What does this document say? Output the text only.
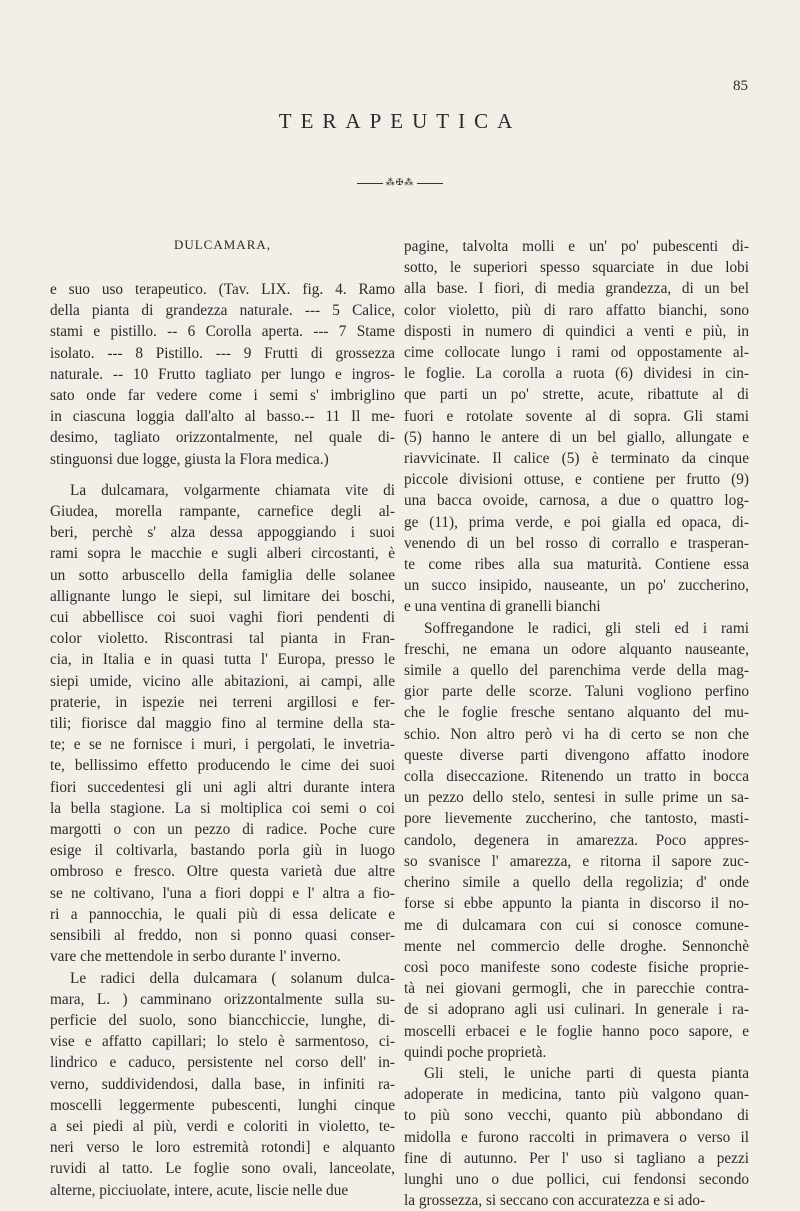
85
TERAPEUTICA
⁂✠⁂
DULCAMARA,

e suo uso terapeutico. (Tav. LIX. fig. 4. Ramo
della pianta di grandezza naturale. --- 5 Calice,
stami e pistillo. -- 6 Corolla aperta. --- 7 Stame
isolato. --- 8 Pistillo. --- 9 Frutti di grossezza
naturale. -- 10 Frutto tagliato per lungo e ingros-
sato onde far vedere come i semi s' imbriglino
in ciascuna loggia dall'alto al basso.-- 11 Il me-
desimo, tagliato orizzontalmente, nel quale di-
stinguonsi due logge, giusta la Flora medica.)

La dulcamara, volgarmente chiamata vite di
Giudea, morella rampante, carnefice degli al-
beri, perchè s' alza dessa appoggiando i suoi
rami sopra le macchie e sugli alberi circostanti, è
un sotto arbuscello della famiglia delle solanee
allignante lungo le siepi, sul limitare dei boschi,
cui abbellisce coi suoi vaghi fiori pendenti di
color violetto. Riscontrasi tal pianta in Fran-
cia, in Italia e in quasi tutta l' Europa, presso le
siepi umide, vicino alle abitazioni, ai campi, alle
praterie, in ispezie nei terreni argillosi e fer-
tili; fiorisce dal maggio fino al termine della sta-
te; e se ne fornisce i muri, i pergolati, le invetria-
te, bellissimo effetto producendo le cime dei suoi
fiori succedentesi gli uni agli altri durante intera
la bella stagione. La si moltiplica coi semi o coi
margotti o con un pezzo di radice. Poche cure
esige il coltivarla, bastando porla giù in luogo
ombroso e fresco. Oltre questa varietà due altre
se ne coltivano, l'una a fiori doppi e l' altra a fio-
ri a pannocchia, le quali più di essa delicate e
sensibili al freddo, non si ponno quasi conser-
vare che mettendole in serbo durante l' inverno.

Le radici della dulcamara ( solanum dulca-
mara, L. ) camminano orizzontalmente sulla su-
perficie del suolo, sono biancchiccie, lunghe, di-
vise e affatto capillari; lo stelo è sarmentoso, ci-
lindrico e caduco, persistente nel corso dell' in-
verno, suddividendosi, dalla base, in infiniti ra-
moscelli leggermente pubescenti, lunghi cinque
a sei piedi al più, verdi e coloriti in violetto, te-
neri verso le loro estremità rotondi] e alquanto
ruvidi al tatto. Le foglie sono ovali, lanceolate,
alterne, picciuolate, intere, acute, liscie nelle due

pagine, talvolta molli e un' po' pubescenti di-
sotto, le superiori spesso squarciate in due lobi
alla base. I fiori, di media grandezza, di un bel
color violetto, più di raro affatto bianchi, sono
disposti in numero di quindici a venti e più, in
cime collocate lungo i rami od oppostamente al-
le foglie. La corolla a ruota (6) dividesi in cin-
que parti un po' strette, acute, ribattute al di
fuori e rotolate sovente al di sopra. Gli stami
(5) hanno le antere di un bel giallo, allungate e
riavvicinate. Il calice (5) è terminato da cinque
piccole divisioni ottuse, e contiene per frutto (9)
una bacca ovoide, carnosa, a due o quattro log-
ge (11), prima verde, e poi gialla ed opaca, di-
venendo di un bel rosso di corrallo e trasperan-
te come ribes alla sua maturità. Contiene essa
un succo insipido, nauseante, un po' zuccherino,
e una ventina di granelli bianchi

Soffregandone le radici, gli steli ed i rami
freschi, ne emana un odore alquanto nauseante,
simile a quello del parenchima verde della mag-
gior parte delle scorze. Taluni vogliono perfino
che le foglie fresche sentano alquanto del mu-
schio. Non altro però vi ha di certo se non che
queste diverse parti divengono affatto inodore
colla diseccazione. Ritenendo un tratto in bocca
un pezzo dello stelo, sentesi in sulle prime un sa-
pore lievemente zuccherino, che tantosto, masti-
candolo, degenera in amarezza. Poco appres-
so svanisce l' amarezza, e ritorna il sapore zuc-
cherino simile a quello della regolizia; d' onde
forse si ebbe appunto la pianta in discorso il no-
me di dulcamara con cui si conosce comune-
mente nel commercio delle droghe. Sennonchè
così poco manifeste sono codeste fisiche proprie-
tà nei giovani germogli, che in parecchie contra-
de si adoprano agli usi culinari. In generale i ra-
moscelli erbacei e le foglie hanno poco sapore, e
quindi poche proprietà.

Gli steli, le uniche parti di questa pianta
adoperate in medicina, tanto più valgono quan-
to più sono vecchi, quanto più abbondano di
midolla e furono raccolti in primavera o verso il
fine di autunno. Per l' uso si tagliano a pezzi
lunghi uno o due pollici, cui fendonsi secondo
la grossezza, si seccano con accuratezza e si ado-
